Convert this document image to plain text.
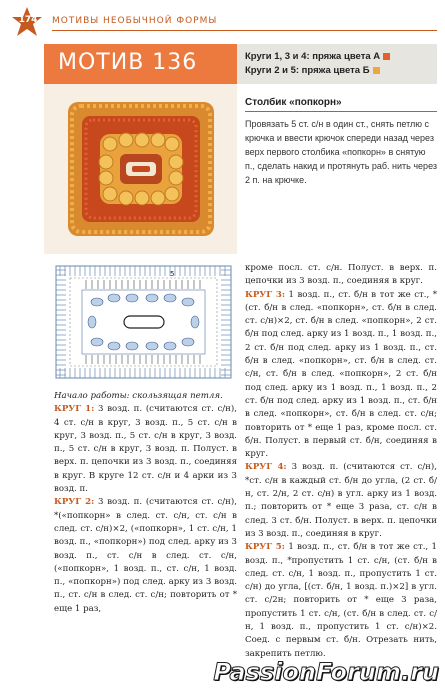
174 МОТИВЫ НЕОБЫЧНОЙ ФОРМЫ
МОТИВ 136	Круги 1, 3 и 4: пряжа цвета А
Круги 2 и 5: пряжа цвета Б
Столбик «попкорн»
Провязать 5 ст. с/н в один ст., снять петлю с крючка и ввести крючок спереди назад через верх первого столбика «попкорн» в снятую п., сделать накид и протянуть раб. нить через 2 п. на крючке.
5

Начало работы: скользящая петля.

КРУГ 1: 3 возд. п. (считаются ст. с/н), 4 ст. с/н в круг, 3 возд. п., 5 ст. с/н в круг, 3 возд. п., 5 ст. с/н в круг, 3 возд. п., 5 ст. с/н в круг, 3 возд. п. Полуст. в верх. п. цепочки из 3 возд. п., соединяя в круг. В круге 12 ст. с/н и 4 арки из 3 возд. п.

КРУГ 2: 3 возд. п. (считаются ст. с/н), *(«попкорн» в след. ст. с/н, ст. с/н в след. ст. с/н)×2, («попкорн», 1 ст. с/н, 1 возд. п., «попкорн») под след. арку из 3 возд. п., ст. с/н в след. ст. с/н, («попкорн», 1 возд. п., ст. с/н, 1 возд. п., «попкорн») под след. арку из 3 возд. п., ст. с/н в след. ст. с/н; повторить от * еще 1 раз,

кроме посл. ст. с/н. Полуст. в верх. п. цепочки из 3 возд. п., соединяя в круг.

КРУГ 3: 1 возд. п., ст. б/н в тот же ст., *(ст. б/н в след. «попкорн», ст. б/н в след. ст. с/н)×2, ст. б/н в след. «попкорн», 2 ст. б/н под след. арку из 1 возд. п., 1 возд. п., 2 ст. б/н под след. арку из 1 возд. п., ст. б/н в след. «попкорн», ст. б/н в след. ст. с/н, ст. б/н в след. «попкорн», 2 ст. б/н под след. арку из 1 возд. п., 1 возд. п., 2 ст. б/н под след. арку из 1 возд. п., ст. б/н в след. «попкорн», ст. б/н в след. ст. с/н; повторить от * еще 1 раз, кроме посл. ст. б/н. Полуст. в первый ст. б/н, соединяя в круг.

КРУГ 4: 3 возд. п. (считаются ст. с/н), *ст. с/н в каждый ст. б/н до угла, (2 ст. б/н, ст. 2/н, 2 ст. с/н) в угл. арку из 1 возд. п.; повторить от * еще 3 раза, ст. с/н в след. 3 ст. б/н. Полуст. в верх. п. цепочки из 3 возд. п., соединяя в круг.

КРУГ 5: 1 возд. п., ст. б/н в тот же ст., 1 возд. п., *пропустить 1 ст. с/н, (ст. б/н в след. ст. с/н, 1 возд. п., пропустить 1 ст. с/н) до угла, [(ст. б/н, 1 возд. п.)×2] в угл. ст. с/2н; повторить от * еще 3 раза, пропустить 1 ст. с/н, (ст. б/н в след. ст. с/н, 1 возд. п., пропустить 1 ст. с/н)×2. Соед. с первым ст. б/н. Отрезать нить, закрепить петлю.

PassionForum.ru
